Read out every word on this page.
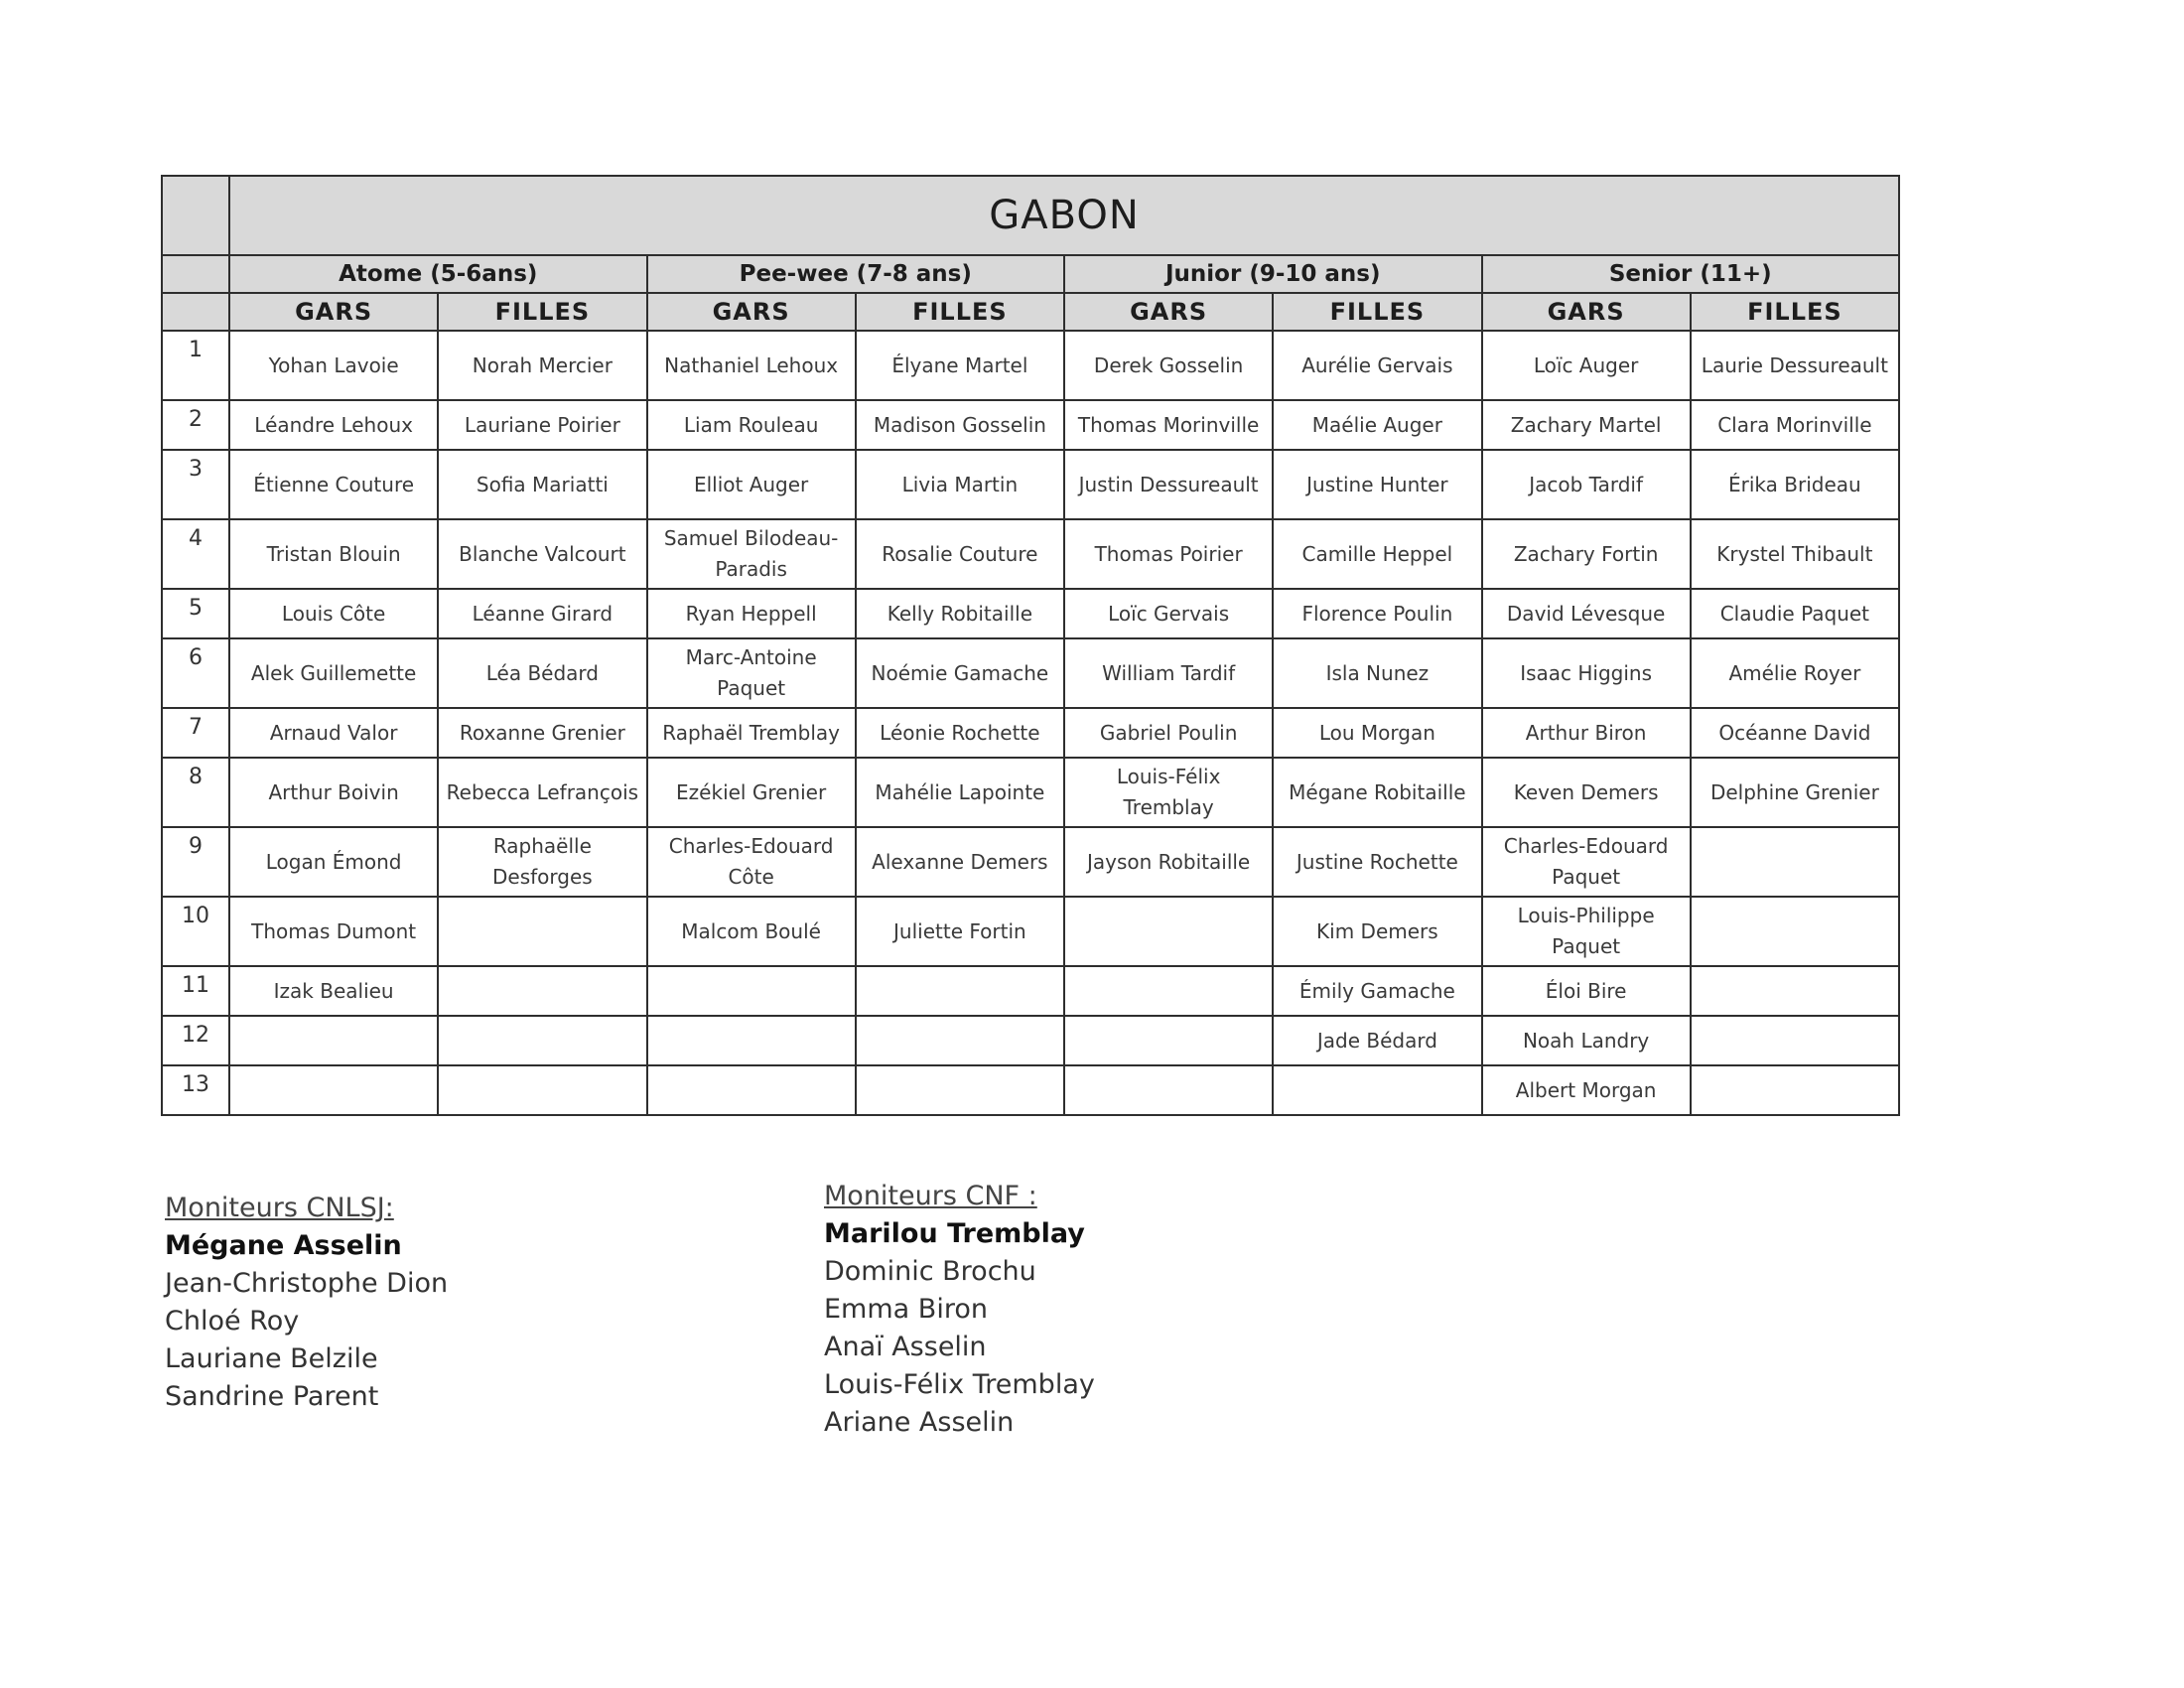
	GABON							
	Atome (5-6ans)		Pee-wee (7-8 ans)		Junior (9-10 ans)		Senior (11+)	
	GARS	FILLES	GARS	FILLES	GARS	FILLES	GARS	FILLES
1	Yohan Lavoie	Norah Mercier	Nathaniel Lehoux	Élyane Martel	Derek Gosselin	Aurélie Gervais	Loïc Auger	Laurie Dessureault
2	Léandre Lehoux	Lauriane Poirier	Liam Rouleau	Madison Gosselin	Thomas Morinville	Maélie Auger	Zachary Martel	Clara Morinville
3	Étienne Couture	Sofia Mariatti	Elliot Auger	Livia Martin	Justin Dessureault	Justine Hunter	Jacob Tardif	Érika Brideau
4	Tristan Blouin	Blanche Valcourt	Samuel Bilodeau-Paradis	Rosalie Couture	Thomas Poirier	Camille Heppel	Zachary Fortin	Krystel Thibault
5	Louis Côte	Léanne Girard	Ryan Heppell	Kelly Robitaille	Loïc Gervais	Florence Poulin	David Lévesque	Claudie Paquet
6	Alek Guillemette	Léa Bédard	Marc-Antoine Paquet	Noémie Gamache	William Tardif	Isla Nunez	Isaac Higgins	Amélie Royer
7	Arnaud Valor	Roxanne Grenier	Raphaël Tremblay	Léonie Rochette	Gabriel Poulin	Lou Morgan	Arthur Biron	Océanne David
8	Arthur Boivin	Rebecca Lefrançois	Ezékiel Grenier	Mahélie Lapointe	Louis-Félix Tremblay	Mégane Robitaille	Keven Demers	Delphine Grenier
9	Logan Émond	Raphaëlle Desforges	Charles-Edouard Côte	Alexanne Demers	Jayson Robitaille	Justine Rochette	Charles-Edouard Paquet	
10	Thomas Dumont		Malcom Boulé	Juliette Fortin		Kim Demers	Louis-Philippe Paquet	
11	Izak Bealieu					Émily Gamache	Éloi Bire	
12						Jade Bédard	Noah Landry	
13							Albert Morgan	
Moniteurs CNLSJ:
Mégane Asselin
Jean-Christophe Dion
Chloé Roy
Lauriane Belzile
Sandrine Parent
Moniteurs CNF :
Marilou Tremblay
Dominic Brochu
Emma Biron
Anaï Asselin
Louis-Félix Tremblay
Ariane Asselin
